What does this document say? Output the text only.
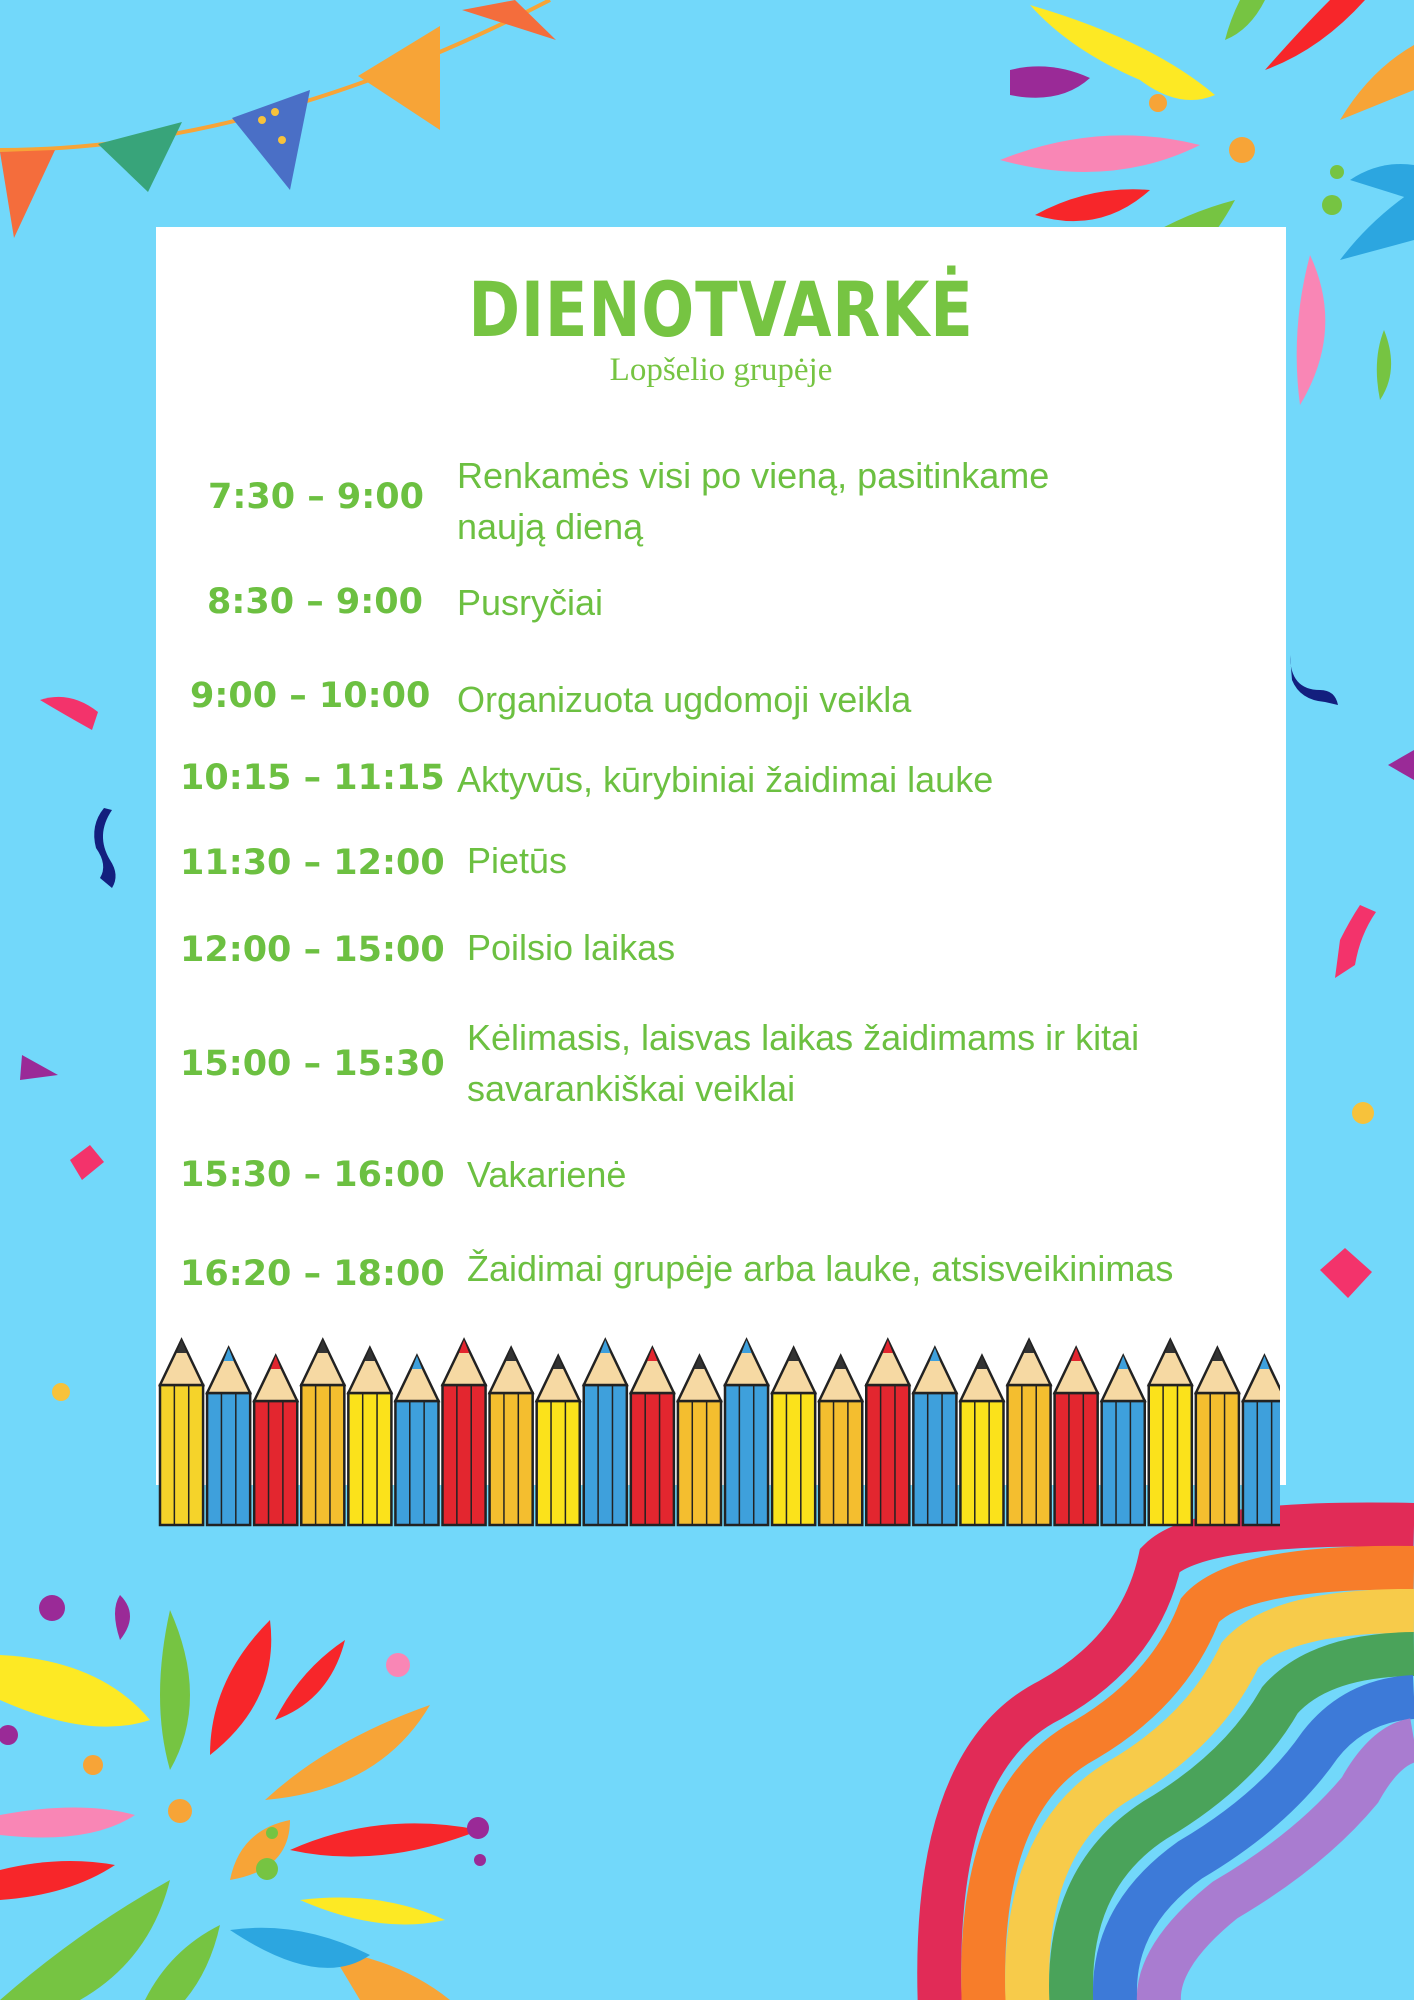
DIENOTVARKĖ
Lopšelio grupėje
7:30 – 9:00
Renkamės visi po vieną, pasitinkame naują dieną
8:30 – 9:00 Pusryčiai
9:00 – 10:00 Organizuota ugdomoji veikla
10:15 – 11:15 Aktyvūs, kūrybiniai žaidimai lauke
11:30 – 12:00 Pietūs
12:00 – 15:00 Poilsio laikas
15:00 – 15:30
Kėlimasis, laisvas laikas žaidimams ir kitai savarankiškai veiklai
15:30 – 16:00 Vakarienė
16:20 – 18:00 Žaidimai grupėje arba lauke, atsisveikinimas
